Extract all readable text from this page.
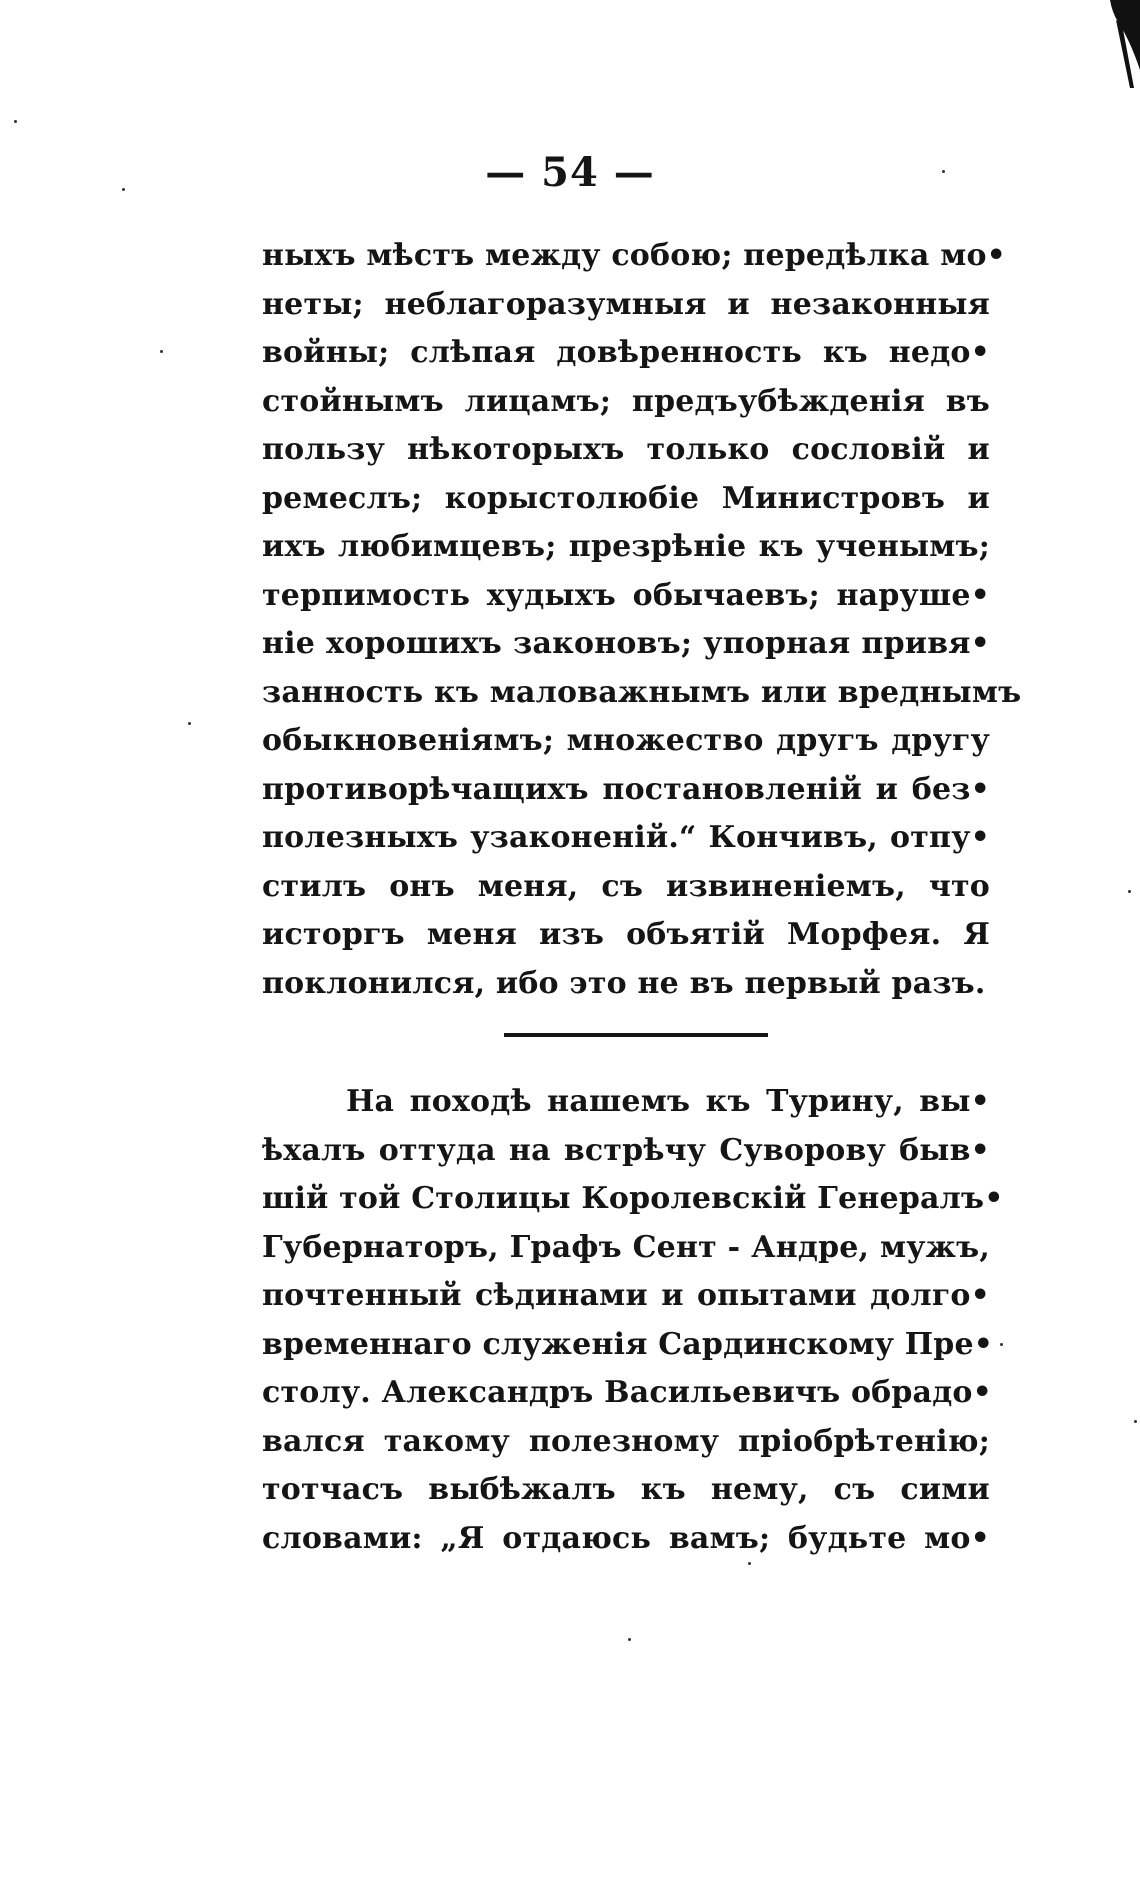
— 54 —
ныхъ мѣстъ между собою; передѣлка мо•
неты; неблагоразумныя и незаконныя
войны; слѣпая довѣренность къ недо•
стойнымъ лицамъ; предъубѣжденія въ
пользу нѣкоторыхъ только сословій и
ремеслъ; корыстолюбіе Министровъ и
ихъ любимцевъ; презрѣніе къ ученымъ;
терпимость худыхъ обычаевъ; наруше•
ніе хорошихъ законовъ; упорная привя•
занность къ маловажнымъ или вреднымъ
обыкновеніямъ; множество другъ другу
противорѣчащихъ постановленій и без•
полезныхъ узаконеній.“ Кончивъ, отпу•
стилъ онъ меня, съ извиненіемъ, что
исторгъ меня изъ объятій Морфея. Я
поклонился, ибо это не въ первый разъ.
На походѣ нашемъ къ Турину, вы•
ѣхалъ оттуда на встрѣчу Суворову быв•
шій той Столицы Королевскій Генералъ•
Губернаторъ, Графъ Сент - Андре, мужъ,
почтенный сѣдинами и опытами долго•
временнаго служенія Сардинскому Пре•
столу. Александръ Васильевичъ обрадо•
вался такому полезному пріобрѣтенію;
тотчасъ выбѣжалъ къ нему, съ сими
словами: „Я отдаюсь вамъ; будьте мо•
